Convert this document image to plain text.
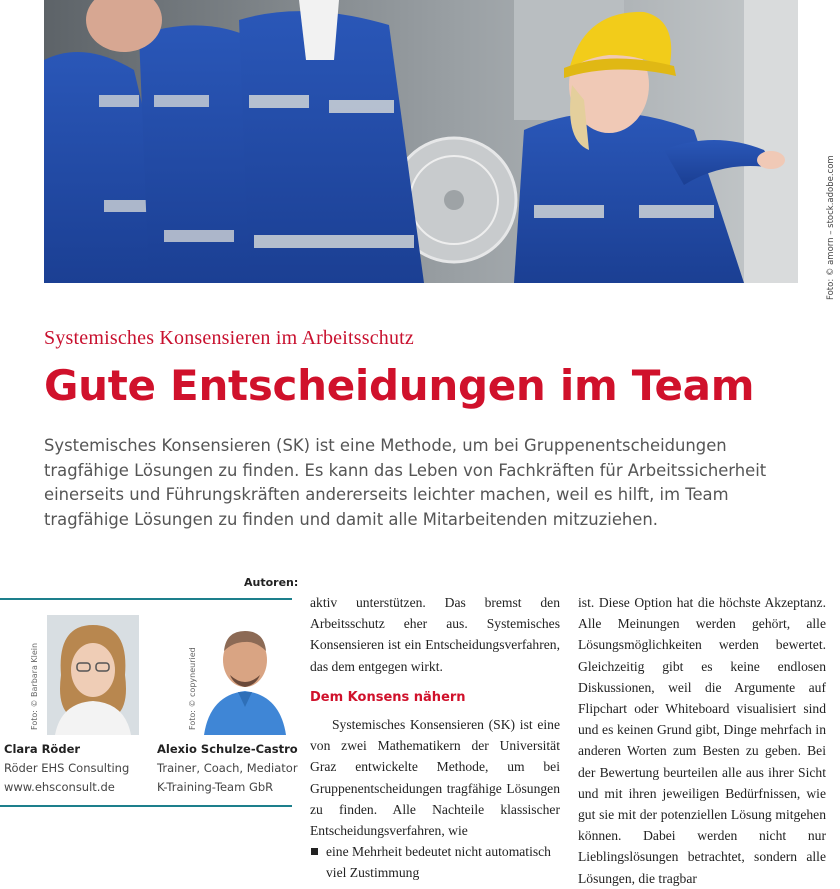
Foto: © amorn – stock.adobe.com
Systemisches Konsensieren im Arbeitsschutz
Gute Entscheidungen im Team
Systemisches Konsensieren (SK) ist eine Methode, um bei Gruppenentscheidungen tragfähige Lösungen zu finden. Es kann das Leben von Fachkräften für Arbeitssicherheit einerseits und Führungskräften andererseits leichter machen, weil es hilft, im Team tragfähige Lösungen zu finden und damit alle Mitarbeitenden mitzuziehen.
Autoren:
Foto: © Barbara Klein	Foto: © copyneuried
Clara Röder
Röder EHS Consulting
www.ehsconsult.de
Alexio Schulze-Castro
Trainer, Coach, Mediator
K-Training-Team GbR

aktiv unterstützen. Das bremst den Arbeitsschutz eher aus. Systemisches Konsensieren ist ein Entscheidungsverfahren, das dem entgegen wirkt.

Dem Konsens nähern

Systemisches Konsensieren (SK) ist eine von zwei Mathematikern der Universität Graz entwickelte Methode, um bei Gruppenentscheidungen tragfähige Lösungen zu finden. Alle Nachteile klassischer Entscheidungsverfahren, wie

eine Mehrheit bedeutet nicht automatisch viel Zustimmung

ist. Diese Option hat die höchste Akzeptanz. Alle Meinungen werden gehört, alle Lösungsmöglichkeiten werden bewertet. Gleichzeitig gibt es keine endlosen Diskussionen, weil die Argumente auf Flipchart oder Whiteboard visualisiert sind und es keinen Grund gibt, Dinge mehrfach in anderen Worten zum Besten zu geben. Bei der Bewertung beurteilen alle aus ihrer Sicht und mit ihren jeweiligen Bedürfnissen, wie gut sie mit der potenziellen Lösung mitgehen können. Dabei werden nicht nur Lieblingslösungen betrachtet, sondern alle Lösungen, die tragbar
